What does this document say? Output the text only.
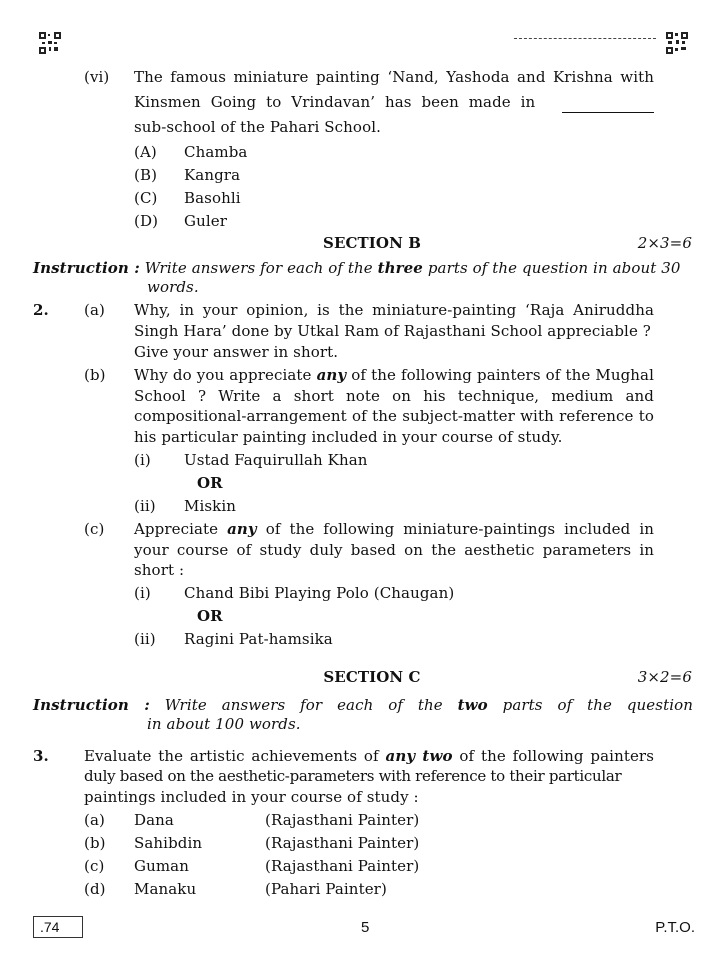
(vi) The famous miniature painting ‘Nand, Yashoda and Krishna with
Kinsmen Going to Vrindavan’ has been made in
sub-school of the Pahari School.
(A) Chamba
(B) Kangra
(C) Basohli
(D) Guler
SECTION B	2×3=6
Instruction : Write answers for each of the three parts of the question in about 30
words.
2. (a) Why, in your opinion, is the miniature-painting ‘Raja Aniruddha
Singh Hara’ done by Utkal Ram of Rajasthani School appreciable ?
Give your answer in short.
(b) Why do you appreciate any of the following painters of the Mughal
School ? Write a short note on his technique, medium and
compositional-arrangement of the subject-matter with reference to
his particular painting included in your course of study.
(i) Ustad Faquirullah Khan
OR
(ii) Miskin
(c) Appreciate any of the following miniature-paintings included in
your course of study duly based on the aesthetic parameters in
short :
(i) Chand Bibi Playing Polo (Chaugan)
OR
(ii) Ragini Pat-hamsika
SECTION C	3×2=6
Instruction : Write answers for each of the two parts of the question
in about 100 words.
3. Evaluate the artistic achievements of any two of the following painters
duly based on the aesthetic-parameters with reference to their particular
paintings included in your course of study :
(a) Dana	(Rajasthani Painter)
(b) Sahibdin	(Rajasthani Painter)
(c) Guman	(Rajasthani Painter)
(d) Manaku	(Pahari Painter)
.74	5	P.T.O.
